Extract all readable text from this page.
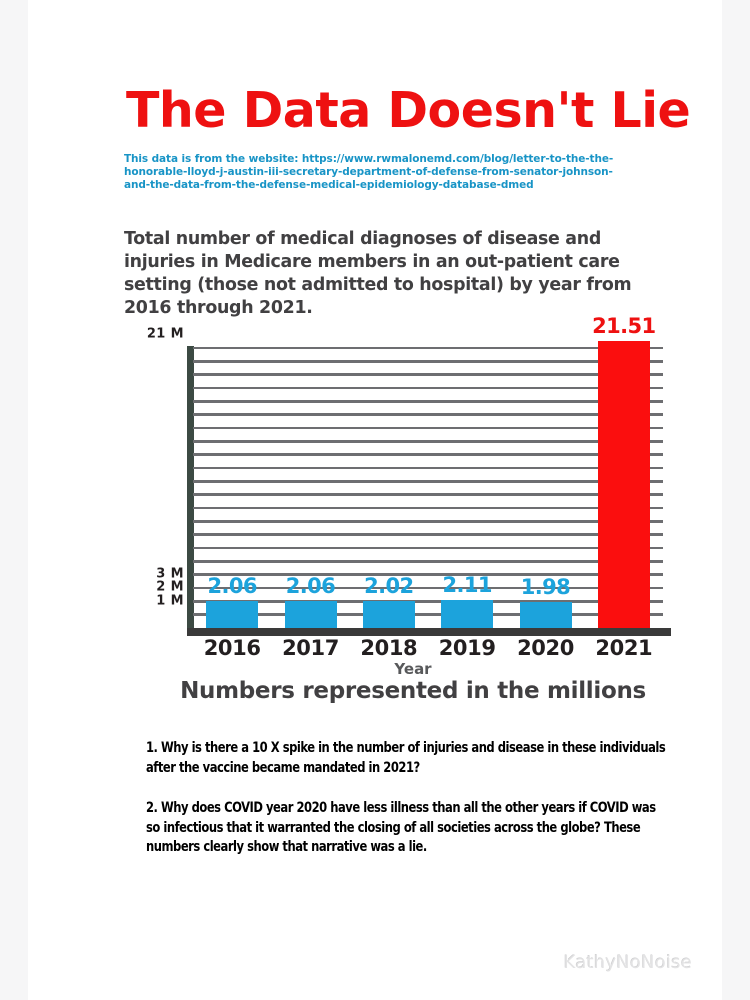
The Data Doesn't Lie
This data is from the website: https://www.rwmalonemd.com/blog/letter-to-the-the-honorable-lloyd-j-austin-iii-secretary-department-of-defense-from-senator-johnson-and-the-data-from-the-defense-medical-epidemiology-database-dmed
Total number of medical diagnoses of disease and injuries in Medicare members in an out-patient care setting (those not admitted to hospital) by year from 2016 through 2021.
21 M
3 M
2 M
1 M
2.06	2.06	2.02	2.11	1.98
21.51
2016	2017	2018	2019	2020	2021
Year
Numbers represented in the millions
1. Why is there a 10 X spike in the number of injuries and disease in these individuals after the vaccine became mandated in 2021?
2. Why does COVID year 2020 have less illness than all the other years if COVID was so infectious that it warranted the closing of all societies across the globe? These numbers clearly show that narrative was a lie.
KathyNoNoise
